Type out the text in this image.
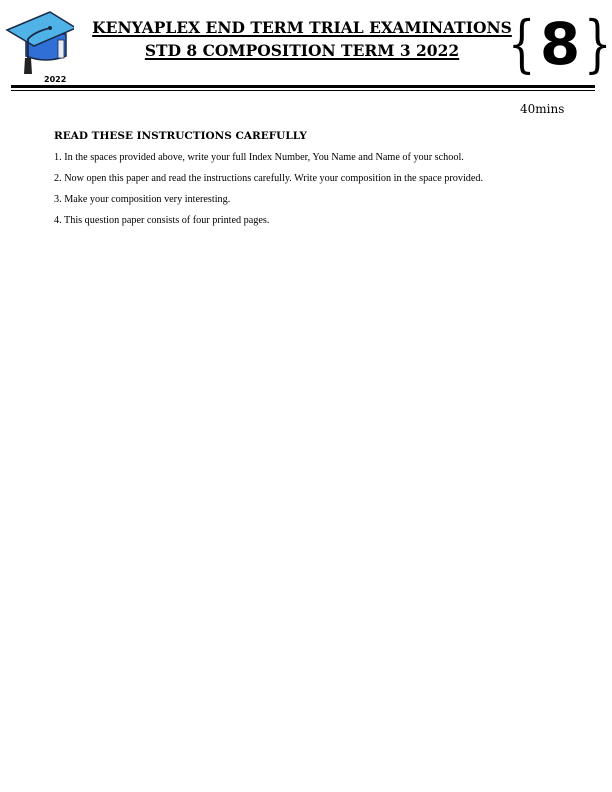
2022
KENYAPLEX END TERM TRIAL EXAMINATIONS
STD 8 COMPOSITION TERM 3 2022 { 8 }
40mins
READ THESE INSTRUCTIONS CAREFULLY
1. In the spaces provided above, write your full Index Number, You Name and Name of your school.
2. Now open this paper and read the instructions carefully. Write your composition in the space provided.
3. Make your composition very interesting.
4. This question paper consists of four printed pages.
